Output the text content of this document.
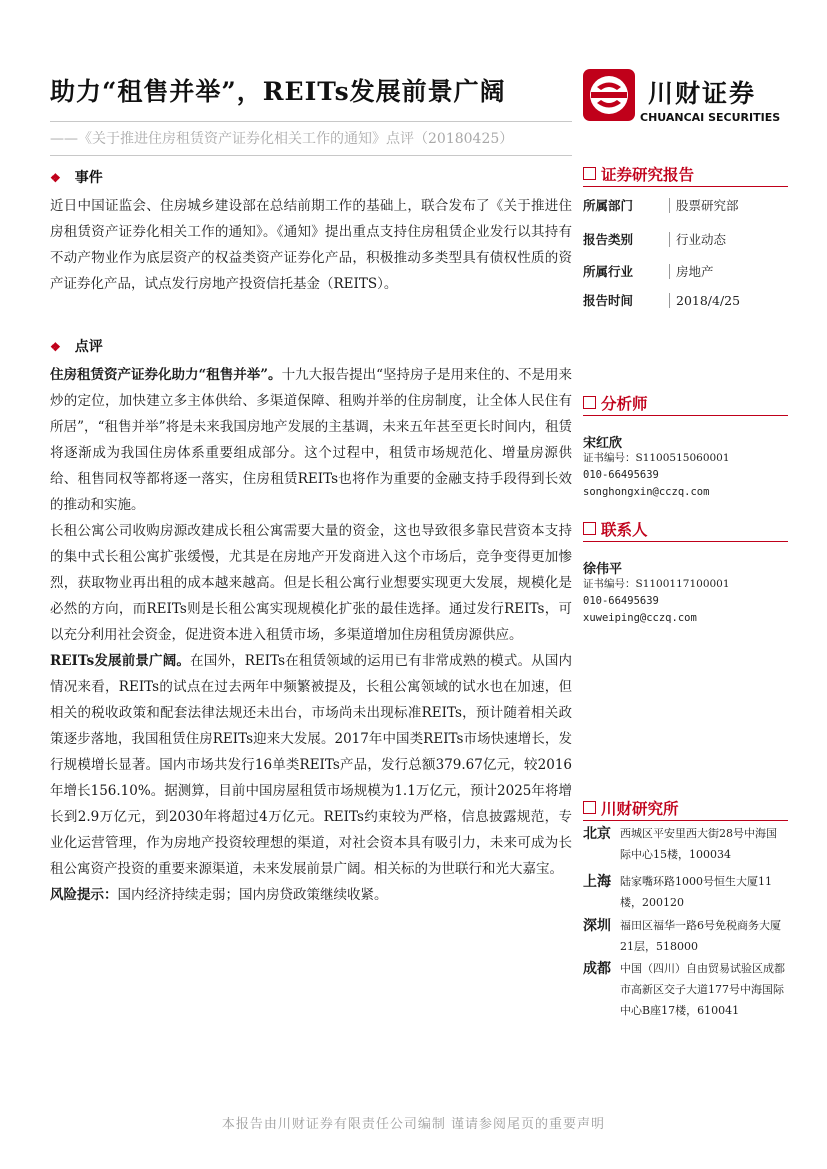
助力“租售并举”，REITs发展前景广阔
——《关于推进住房租赁资产证券化相关工作的通知》点评（20180425）
川财证券
CHUANCAI SECURITIES
❖ 事件
近日中国证监会、住房城乡建设部在总结前期工作的基础上，联合发布了《关于推进住房租赁资产证券化相关工作的通知》。《通知》提出重点支持住房租赁企业发行以其持有不动产物业作为底层资产的权益类资产证券化产品，积极推动多类型具有债权性质的资产证券化产品，试点发行房地产投资信托基金（REITS）。
❖ 点评

住房租赁资产证券化助力“租售并举”。十九大报告提出“坚持房子是用来住的、不是用来炒的定位，加快建立多主体供给、多渠道保障、租购并举的住房制度，让全体人民住有所居”，“租售并举”将是未来我国房地产发展的主基调，未来五年甚至更长时间内，租赁将逐渐成为我国住房体系重要组成部分。这个过程中，租赁市场规范化、增量房源供给、租售同权等都将逐一落实，住房租赁REITs也将作为重要的金融支持手段得到长效的推动和实施。

长租公寓公司收购房源改建成长租公寓需要大量的资金，这也导致很多靠民营资本支持的集中式长租公寓扩张缓慢，尤其是在房地产开发商进入这个市场后，竞争变得更加惨烈，获取物业再出租的成本越来越高。但是长租公寓行业想要实现更大发展，规模化是必然的方向，而REITs则是长租公寓实现规模化扩张的最佳选择。通过发行REITs，可以充分利用社会资金，促进资本进入租赁市场，多渠道增加住房租赁房源供应。

REITs发展前景广阔。在国外，REITs在租赁领域的运用已有非常成熟的模式。从国内情况来看，REITs的试点在过去两年中频繁被提及，长租公寓领域的试水也在加速，但相关的税收政策和配套法律法规还未出台，市场尚未出现标准REITs，预计随着相关政策逐步落地，我国租赁住房REITs迎来大发展。2017年中国类REITs市场快速增长，发行规模增长显著。国内市场共发行16单类REITs产品，发行总额379.67亿元，较2016年增长156.10%。据测算，目前中国房屋租赁市场规模为1.1万亿元，预计2025年将增长到2.9万亿元，到2030年将超过4万亿元。REITs约束较为严格，信息披露规范，专业化运营管理，作为房地产投资较理想的渠道，对社会资本具有吸引力，未来可成为长租公寓资产投资的重要来源渠道，未来发展前景广阔。相关标的为世联行和光大嘉宝。

风险提示：国内经济持续走弱；国内房贷政策继续收紧。

证券研究报告
所属部门	股票研究部
报告类别	行业动态
所属行业	房地产
报告时间	2018/4/25
分析师
宋红欣
证书编号：S1100515060001
010-66495639
songhongxin@cczq.com
联系人
徐伟平
证书编号：S1100117100001
010-66495639
xuweiping@cczq.com
川财研究所
北京 西城区平安里西大街28号中海国际中心15楼，100034
上海 陆家嘴环路1000号恒生大厦11楼，200120
深圳 福田区福华一路6号免税商务大厦21层，518000
成都 中国（四川）自由贸易试验区成都市高新区交子大道177号中海国际中心B座17楼，610041
本报告由川财证券有限责任公司编制 谨请参阅尾页的重要声明
